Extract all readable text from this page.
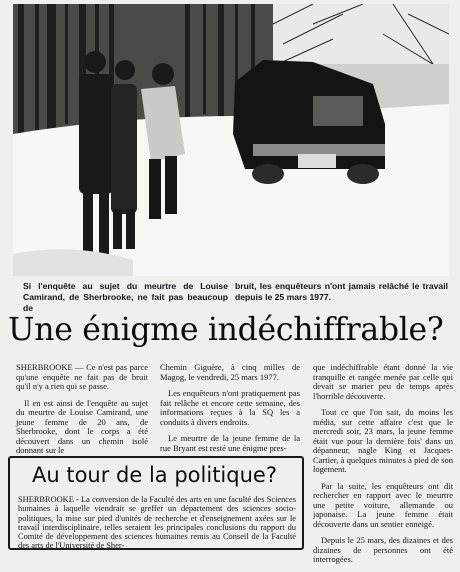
Si l'enquête au sujet du meurtre de Louise Camirand, de Sherbrooke, ne fait pas beaucoup de
bruit, les enquêteurs n'ont jamais relâché le travail depuis le 25 mars 1977.
Une énigme indéchiffrable?

SHERBROOKE — Ce n'est pas parce qu'une enquête ne fait pas de bruit qu'il n'y a rien qui se passe.

Il en est ainsi de l'enquête au sujet du meurtre de Louise Camirand, une jeune femme de 20 ans, de Sherbrooke, dont le corps a été découvert dans un chemin isolé donnant sur le

Chemin Giguère, à cinq milles de Magog, le vendredi, 25 mars 1977.

Les enquêteurs n'ont pratiquement pas fait relâche et encore cette semaine, des informations reçues à la SQ les a conduits à divers endroits.

Le meurtre de la jeune femme de la rue Bryant est resté une énigme pres-

que indéchiffrable étant donné la vie tranquille et rangée menée par celle qui devait se marier peu de temps après l'horrible découverte.

Tout ce que l'on sait, du moins les média, sur cette affaire c'est que le mercredi soir, 23 mars, la jeune femme était vue pour la dernière fois' dans un dépanneur, nagle King et Jacques-Cartier, à quelques minutes à pied de son logement.

Par la suite, les enquêteurs ont dit rechercher en rapport avec le meurtre une petite voiture, allemande ou japonaise. La jeune femme était découverte dans un sentier enneigé.

Depuis le 25 mars, des dizaines et des dizaines de personnes ont été interrogées.

Au tour de la politique?
SHERBROOKE - La conversion de la Faculté des arts en une faculté des Sciences humaines à laquelle viendrait se greffer un département des sciences socio-politiques, la mise sur pied d'unités de recherche et d'enseignement axées sur le travail interdisciplinaire, telles seraient les principales conclusions du rapport du Comité de développement des sciences humaines remis au Conseil de la Faculté des arts de l'Université de Sher-
